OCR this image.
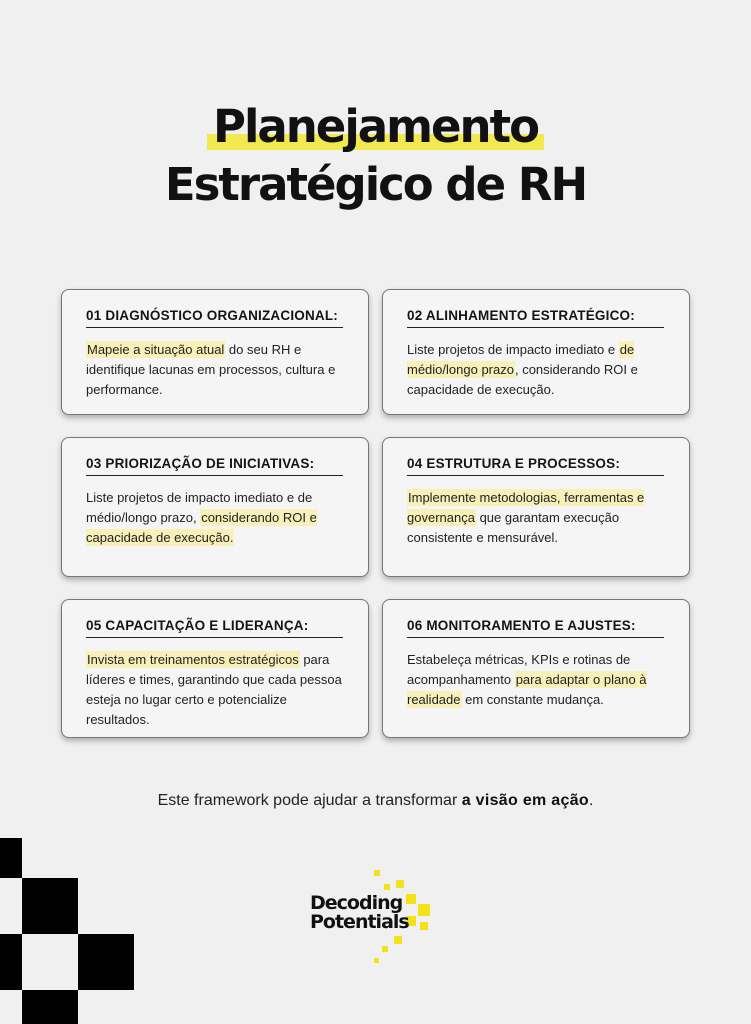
Planejamento
Estratégico de RH
01 DIAGNÓSTICO ORGANIZACIONAL:
Mapeie a situação atual do seu RH e identifique lacunas em processos, cultura e performance.
02 ALINHAMENTO ESTRATÉGICO:
Liste projetos de impacto imediato e de médio/longo prazo, considerando ROI e capacidade de execução.
03 PRIORIZAÇÃO DE INICIATIVAS:
Liste projetos de impacto imediato e de médio/longo prazo, considerando ROI e capacidade de execução.
04 ESTRUTURA E PROCESSOS:
Implemente metodologias, ferramentas e governança que garantam execução consistente e mensurável.
05 CAPACITAÇÃO E LIDERANÇA:
Invista em treinamentos estratégicos para líderes e times, garantindo que cada pessoa esteja no lugar certo e potencialize resultados.
06 MONITORAMENTO E AJUSTES:
Estabeleça métricas, KPIs e rotinas de acompanhamento para adaptar o plano à realidade em constante mudança.
Este framework pode ajudar a transformar a visão em ação.
Decoding
Potentials
